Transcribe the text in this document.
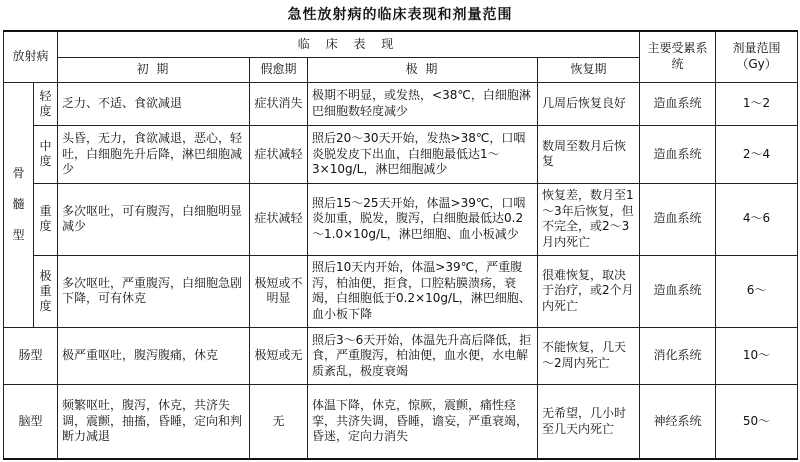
急性放射病的临床表现和剂量范围
放射病		临 床 表 现				主要受累系统	剂量范围（Gy）
		初 期	假愈期	极 期	恢复期		

骨髓型	轻度	乏力、不适、食欲减退	症状消失	极期不明显，或发热，<38℃，白细胞淋巴细胞数轻度减少	几周后恢复良好	造血系统	1～2

	中度	头昏，无力，食欲减退，恶心，轻吐，白细胞先升后降，淋巴细胞减少	症状减轻	照后20～30天开始，发热>38℃，口咽炎脱发皮下出血，白细胞最低达1～3×10g/L，淋巴细胞减少	数周至数月后恢复	造血系统	2～4

	重度	多次呕吐，可有腹泻，白细胞明显减少	症状减轻	照后15～25天开始，体温>39℃，口咽炎加重，脱发，腹泻，白细胞最低达0.2～1.0×10g/L，淋巴细胞、血小板减少	恢复差，数月至1～3年后恢复，但不完全，或2～3月内死亡	造血系统	4～6

	极重度	多次呕吐，严重腹泻，白细胞急剧下降，可有休克	极短或不明显	照后10天内开始，体温>39℃，严重腹泻，柏油便，拒食，口腔粘膜溃疡，衰竭，白细胞低于0.2×10g/L，淋巴细胞、血小板下降	很难恢复，取决于治疗，或2个月内死亡	造血系统	6～
肠型		极严重呕吐，腹泻腹痛，休克	极短或无	照后3～6天开始，体温先升高后降低，拒食，严重腹泻，柏油便，血水便，水电解质紊乱，极度衰竭	不能恢复，几天～2周内死亡	消化系统	10～
脑型		频繁呕吐，腹泻，休克，共济失调，震颤，抽搐，昏睡，定向和判断力减退	无	体温下降，休克，惊厥，震颤，痛性痉挛，共济失调，昏睡，谵妄，严重衰竭，昏迷，定向力消失	无希望，几小时至几天内死亡	神经系统	50～
